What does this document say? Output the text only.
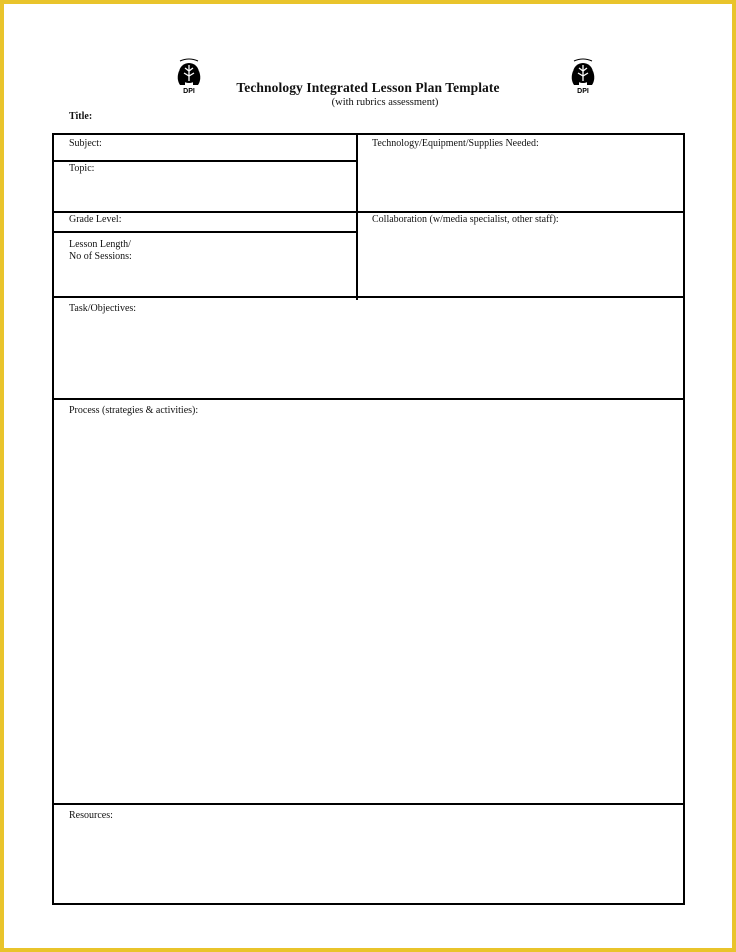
DPI	DPI
Technology Integrated Lesson Plan Template
(with rubrics assessment)
Title:
Subject:
Topic:
Technology/Equipment/Supplies Needed:
Grade Level:	Collaboration (w/media specialist, other staff):
Lesson Length/
No of Sessions:
Task/Objectives:
Process (strategies & activities):
Resources:
